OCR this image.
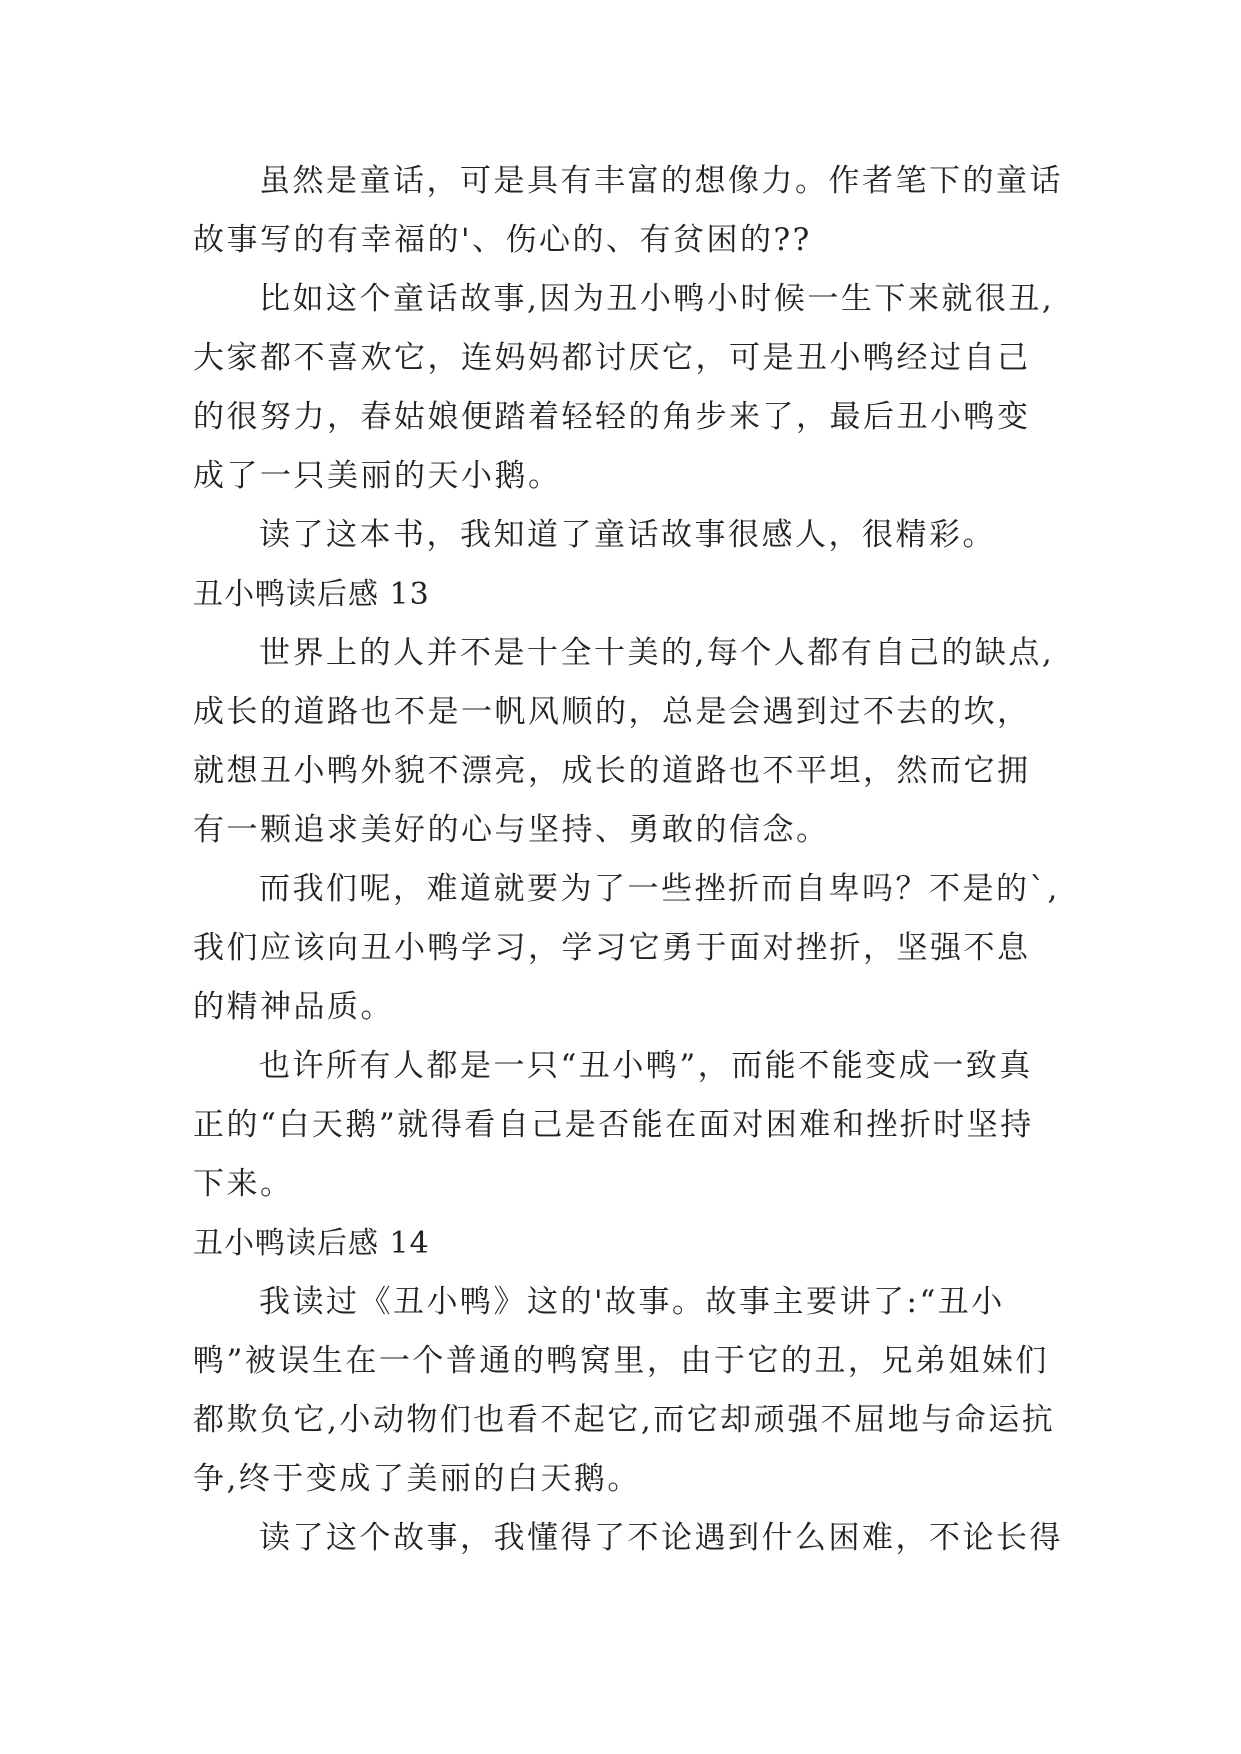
虽然是童话，可是具有丰富的想像力。作者笔下的童话故事写的有幸福的'、伤心的、有贫困的??

比如这个童话故事,因为丑小鸭小时候一生下来就很丑,大家都不喜欢它，连妈妈都讨厌它，可是丑小鸭经过自己的很努力，春姑娘便踏着轻轻的角步来了，最后丑小鸭变成了一只美丽的天小鹅。

读了这本书，我知道了童话故事很感人，很精彩。

丑小鸭读后感 13

世界上的人并不是十全十美的,每个人都有自己的缺点,成长的道路也不是一帆风顺的，总是会遇到过不去的坎，就想丑小鸭外貌不漂亮，成长的道路也不平坦，然而它拥有一颗追求美好的心与坚持、勇敢的信念。

而我们呢，难道就要为了一些挫折而自卑吗？不是的`,我们应该向丑小鸭学习，学习它勇于面对挫折，坚强不息的精神品质。

也许所有人都是一只“丑小鸭”，而能不能变成一致真正的“白天鹅”就得看自己是否能在面对困难和挫折时坚持下来。

丑小鸭读后感 14

我读过《丑小鸭》这的'故事。故事主要讲了:“丑小鸭”被误生在一个普通的鸭窝里，由于它的丑，兄弟姐妹们都欺负它,小动物们也看不起它,而它却顽强不屈地与命运抗争,终于变成了美丽的白天鹅。

读了这个故事，我懂得了不论遇到什么困难，不论长得
